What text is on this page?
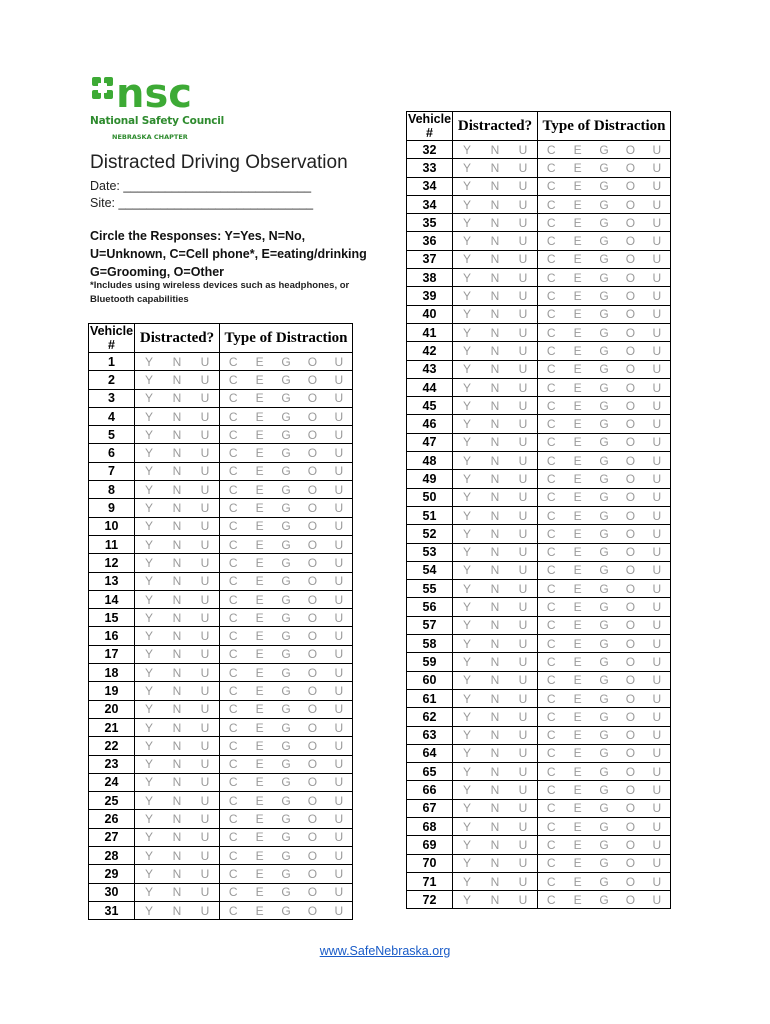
nsc
National Safety Council
NEBRASKA CHAPTER
Distracted Driving Observation
Date: ___________________________
Site: ____________________________
Circle the Responses: Y=Yes, N=No,
U=Unknown, C=Cell phone*, E=eating/drinking
G=Grooming, O=Other
*Includes using wireless devices such as headphones, or Bluetooth capabilities
Vehicle #	Distracted?	Type of Distraction
1	Y N U	C E G O U

2	Y N U	C E G O U

3	Y N U	C E G O U

4	Y N U	C E G O U

5	Y N U	C E G O U

6	Y N U	C E G O U

7	Y N U	C E G O U

8	Y N U	C E G O U

9	Y N U	C E G O U

10	Y N U	C E G O U

11	Y N U	C E G O U

12	Y N U	C E G O U

13	Y N U	C E G O U

14	Y N U	C E G O U

15	Y N U	C E G O U

16	Y N U	C E G O U

17	Y N U	C E G O U

18	Y N U	C E G O U

19	Y N U	C E G O U

20	Y N U	C E G O U

21	Y N U	C E G O U

22	Y N U	C E G O U

23	Y N U	C E G O U

24	Y N U	C E G O U

25	Y N U	C E G O U

26	Y N U	C E G O U

27	Y N U	C E G O U

28	Y N U	C E G O U

29	Y N U	C E G O U

30	Y N U	C E G O U

31	Y N U	C E G O U
Vehicle #	Distracted?	Type of Distraction
32	Y N U	C E G O U

33	Y N U	C E G O U

34	Y N U	C E G O U

34	Y N U	C E G O U

35	Y N U	C E G O U

36	Y N U	C E G O U

37	Y N U	C E G O U

38	Y N U	C E G O U

39	Y N U	C E G O U

40	Y N U	C E G O U

41	Y N U	C E G O U

42	Y N U	C E G O U

43	Y N U	C E G O U

44	Y N U	C E G O U

45	Y N U	C E G O U

46	Y N U	C E G O U

47	Y N U	C E G O U

48	Y N U	C E G O U

49	Y N U	C E G O U

50	Y N U	C E G O U

51	Y N U	C E G O U

52	Y N U	C E G O U

53	Y N U	C E G O U

54	Y N U	C E G O U

55	Y N U	C E G O U

56	Y N U	C E G O U

57	Y N U	C E G O U

58	Y N U	C E G O U

59	Y N U	C E G O U

60	Y N U	C E G O U

61	Y N U	C E G O U

62	Y N U	C E G O U

63	Y N U	C E G O U

64	Y N U	C E G O U

65	Y N U	C E G O U

66	Y N U	C E G O U

67	Y N U	C E G O U

68	Y N U	C E G O U

69	Y N U	C E G O U

70	Y N U	C E G O U

71	Y N U	C E G O U

72	Y N U	C E G O U
www.SafeNebraska.org
